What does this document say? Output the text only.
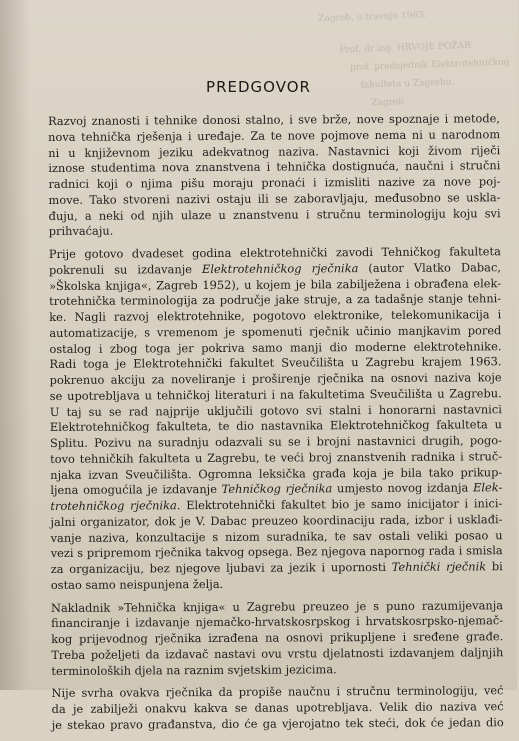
Zagreb, u travnju 1963.
Prof. dr ing. HRVOJE POŽAR
prof. predsjednik Elektrotehničkog
fakulteta u Zagrebu,
Zagreb
PREDGOVOR
Razvoj znanosti i tehnike donosi stalno, i sve brže, nove spoznaje i metode,
nova tehnička rješenja i uređaje. Za te nove pojmove nema ni u narodnom
ni u književnom jeziku adekvatnog naziva. Nastavnici koji živom riječi
iznose studentima nova znanstvena i tehnička dostignuća, naučni i stručni
radnici koji o njima pišu moraju pronaći i izmisliti nazive za nove poj-
move. Tako stvoreni nazivi ostaju ili se zaboravljaju, međusobno se uskla-
đuju, a neki od njih ulaze u znanstvenu i stručnu terminologiju koju svi
prihvaćaju.
Prije gotovo dvadeset godina elektrotehnički zavodi Tehničkog fakulteta
pokrenuli su izdavanje Elektrotehničkog rječnika (autor Vlatko Dabac,
»Školska knjiga«, Zagreb 1952), u kojem je bila zabilježena i obrađena elek-
trotehnička terminologija za područje jake struje, a za tadašnje stanje tehni-
ke. Nagli razvoj elektrotehnike, pogotovo elektronike, telekomunikacija i
automatizacije, s vremenom je spomenuti rječnik učinio manjkavim pored
ostalog i zbog toga jer pokriva samo manji dio moderne elektrotehnike.
Radi toga je Elektrotehnički fakultet Sveučilišta u Zagrebu krajem 1963.
pokrenuo akciju za noveliranje i proširenje rječnika na osnovi naziva koje
se upotrebljava u tehničkoj literaturi i na fakultetima Sveučilišta u Zagrebu.
U taj su se rad najprije uključili gotovo svi stalni i honorarni nastavnici
Elektrotehničkog fakulteta, te dio nastavnika Elektrotehničkog fakulteta u
Splitu. Pozivu na suradnju odazvali su se i brojni nastavnici drugih, pogo-
tovo tehničkih fakulteta u Zagrebu, te veći broj znanstvenih radnika i struč-
njaka izvan Sveučilišta. Ogromna leksička građa koja je bila tako prikup-
ljena omogućila je izdavanje Tehničkog rječnika umjesto novog izdanja Elek-
trotehničkog rječnika. Elektrotehnički fakultet bio je samo inicijator i inici-
jalni organizator, dok je V. Dabac preuzeo koordinaciju rada, izbor i usklađi-
vanje naziva, konzultacije s nizom suradnika, te sav ostali veliki posao u
vezi s pripremom rječnika takvog opsega. Bez njegova napornog rada i smisla
za organizaciju, bez njegove ljubavi za jezik i upornosti Tehnički rječnik bi
ostao samo neispunjena želja.
Nakladnik »Tehnička knjiga« u Zagrebu preuzeo je s puno razumijevanja
financiranje i izdavanje njemačko-hrvatskosrpskog i hrvatskosrpsko-njemač-
kog prijevodnog rječnika izrađena na osnovi prikupljene i sređene građe.
Treba poželjeti da izdavač nastavi ovu vrstu djelatnosti izdavanjem daljnjih
terminoloških djela na raznim svjetskim jezicima.
Nije svrha ovakva rječnika da propiše naučnu i stručnu terminologiju, već
da je zabilježi onakvu kakva se danas upotrebljava. Velik dio naziva već
je stekao pravo građanstva, dio će ga vjerojatno tek steći, dok će jedan dio
